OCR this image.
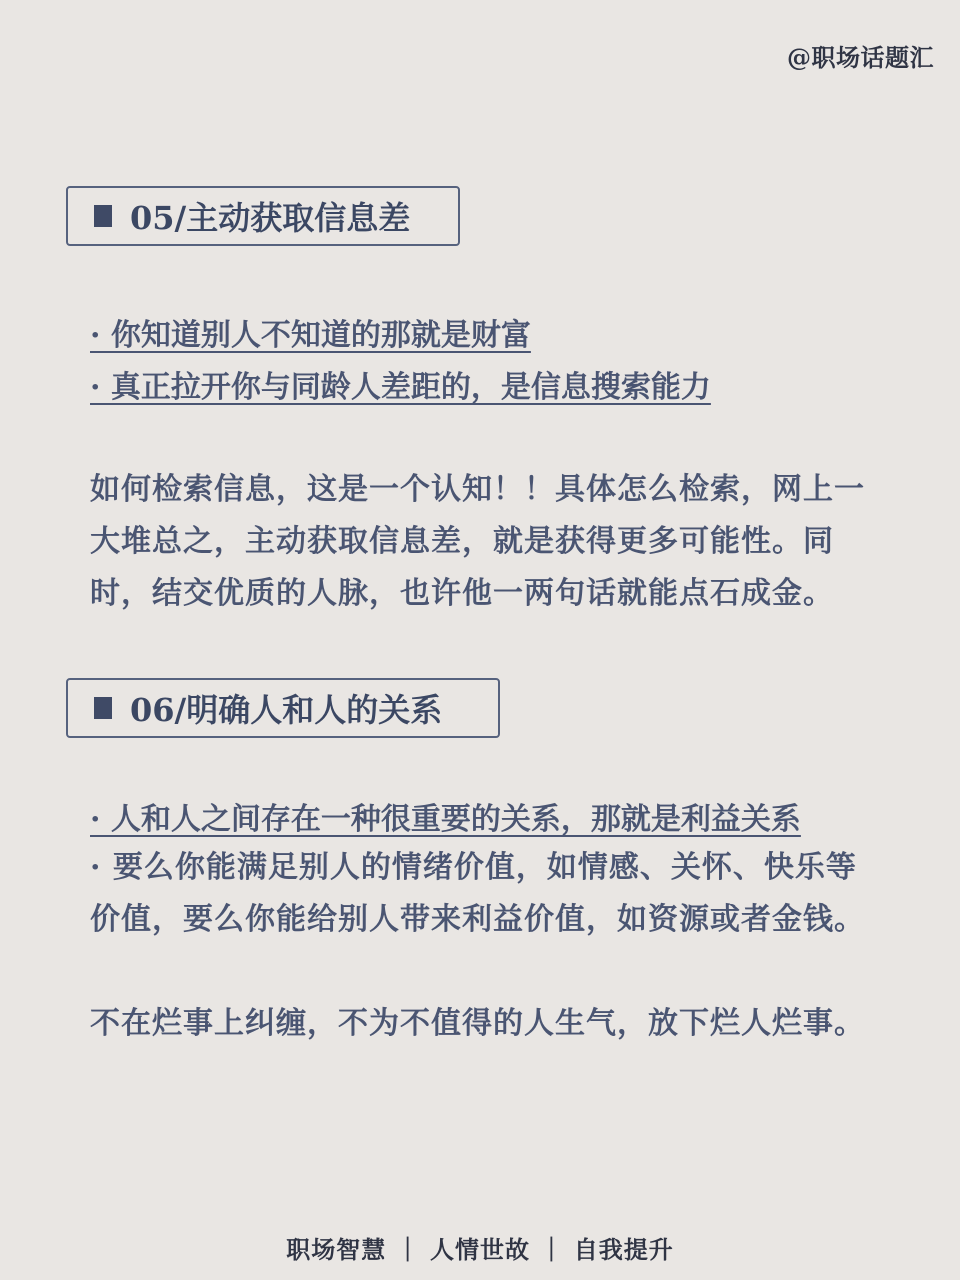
@职场话题汇
05/主动获取信息差
· 你知道别人不知道的那就是财富
· 真正拉开你与同龄人差距的，是信息搜索能力

如何检索信息，这是一个认知！！具体怎么检索，网上一

大堆总之，主动获取信息差，就是获得更多可能性。同

时，结交优质的人脉，也许他一两句话就能点石成金。

06/明确人和人的关系
· 人和人之间存在一种很重要的关系，那就是利益关系

· 要么你能满足别人的情绪价值，如情感、关怀、快乐等

价值，要么你能给别人带来利益价值，如资源或者金钱。

不在烂事上纠缠，不为不值得的人生气，放下烂人烂事。

职场智慧 ｜ 人情世故 ｜ 自我提升
